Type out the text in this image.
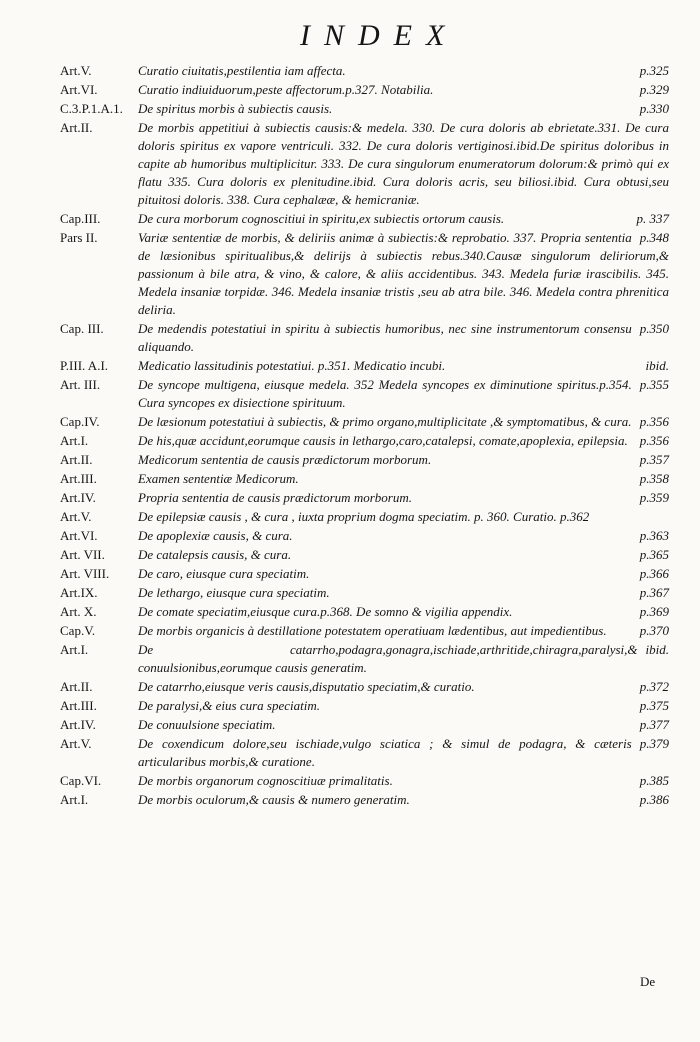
INDEX
Art.V.	p.325
Curatio ciuitatis,pestilentia iam affecta.

Art.VI.	p.329
Curatio indiuiduorum,peste affectorum.p.327. Notabilia.

C.3.P.1.A.1.	p.330
De spiritus morbis à subiectis causis.

Art.II.	De morbis appetitiui à subiectis causis:& medela. 330. De cura doloris ab ebrietate.331. De cura doloris spiritus ex vapore ventriculi. 332. De cura doloris vertiginosi.ibid.De spiritus doloribus in capite ab humoribus multiplicitur. 333. De cura singulorum enumeratorum dolorum:& primò qui ex flatu 335. Cura doloris ex plenitudine.ibid. Cura doloris acris, seu biliosi.ibid. Cura obtusi,seu pituitosi doloris. 338. Cura cephalææ, & hemicraniæ.

Cap.III.	p. 337
De cura morborum cognoscitiui in spiritu,ex subiectis ortorum causis.

Pars II.	p.348
Variæ sententiæ de morbis, & deliriis animæ à subiectis:& reprobatio. 337. Propria sententia de læsionibus spiritualibus,& delirijs à subiectis rebus.340.Causæ singulorum deliriorum,& passionum à bile atra, & vino, & calore, & aliis accidentibus. 343. Medela furiæ irascibilis. 345. Medela insaniæ torpidæ. 346. Medela insaniæ tristis ,seu ab atra bile. 346. Medela contra phrenitica deliria.

Cap. III.	p.350
De medendis potestatiui in spiritu à subiectis humoribus, nec sine instrumentorum consensu aliquando.

P.III. A.I.	ibid.
Medicatio lassitudinis potestatiui. p.351. Medicatio incubi.

Art. III.	p.355
De syncope multigena, eiusque medela. 352 Medela syncopes ex diminutione spiritus.p.354. Cura syncopes ex disiectione spirituum.

Cap.IV.	p.356
De læsionum potestatiui à subiectis, & primo organo,multiplicitate ,& symptomatibus, & cura.

Art.I.	p.356
De his,quæ accidunt,eorumque causis in lethargo,caro,catalepsi, comate,apoplexia, epilepsia.

Art.II.	p.357
Medicorum sententia de causis prædictorum morborum.

Art.III.	p.358
Examen sententiæ Medicorum.

Art.IV.	p.359
Propria sententia de causis prædictorum morborum.

Art.V.	De epilepsiæ causis , & cura , iuxta proprium dogma speciatim. p. 360. Curatio. p.362

Art.VI.	p.363
De apoplexiæ causis, & cura.

Art. VII.	p.365
De catalepsis causis, & cura.

Art. VIII.	p.366
De caro, eiusque cura speciatim.

Art.IX.	p.367
De lethargo, eiusque cura speciatim.

Art. X.	p.369
De comate speciatim,eiusque cura.p.368. De somno & vigilia appendix.

Cap.V.	p.370
De morbis organicis à destillatione potestatem operatiuam lædentibus, aut impedientibus.

Art.I.	ibid.
De catarrho,podagra,gonagra,ischiade,arthritide,chiragra,paralysi,& conuulsionibus,eorumque causis generatim.

Art.II.	p.372
De catarrho,eiusque veris causis,disputatio speciatim,& curatio.

Art.III.	p.375
De paralysi,& eius cura speciatim.

Art.IV.	p.377
De conuulsione speciatim.

Art.V.	p.379
De coxendicum dolore,seu ischiade,vulgo sciatica ; & simul de podagra, & cæteris articularibus morbis,& curatione.

Cap.VI.	p.385
De morbis organorum cognoscitiuæ primalitatis.

Art.I.	p.386
De morbis oculorum,& causis & numero generatim.

De
